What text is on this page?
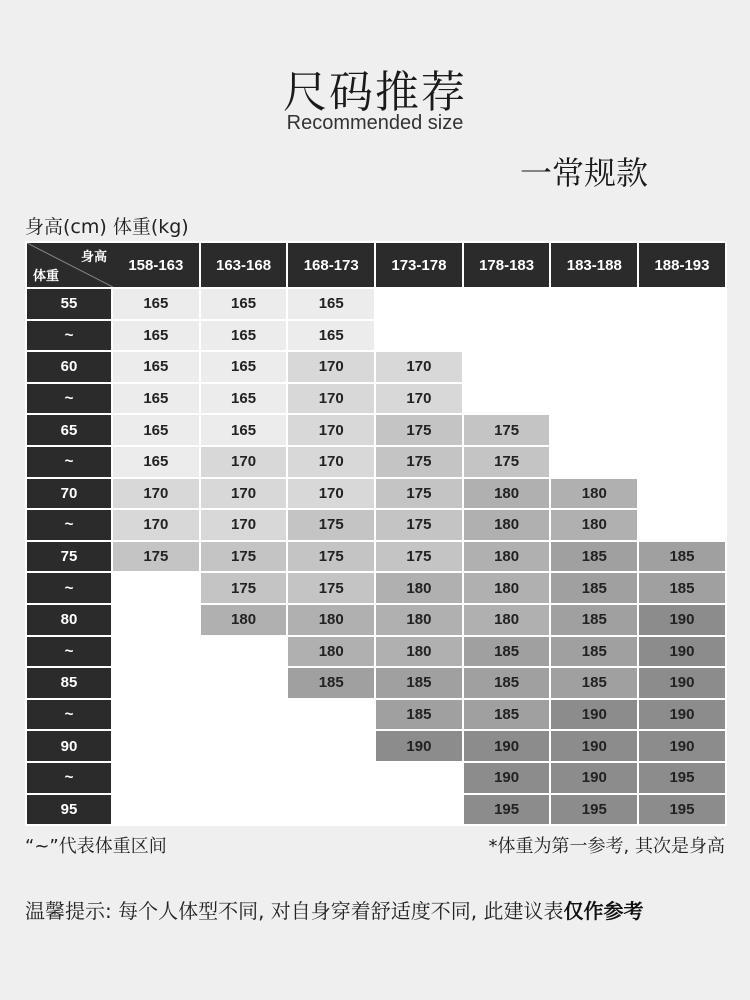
尺码推荐
Recommended size
一常规款
身高(cm) 体重(kg)
身高
体重	158-163	163-168	168-173	173-178	178-183	183-188	188-193
55	165	165	165				
~	165	165	165				
60	165	165	170	170			
~	165	165	170	170			
65	165	165	170	175	175		
~	165	170	170	175	175		
70	170	170	170	175	180	180	
~	170	170	175	175	180	180	
75	175	175	175	175	180	185	185
~		175	175	180	180	185	185
80		180	180	180	180	185	190
~			180	180	185	185	190
85			185	185	185	185	190
~				185	185	190	190
90				190	190	190	190
~					190	190	195
95					195	195	195
“~”代表体重区间	*体重为第一参考, 其次是身高
温馨提示: 每个人体型不同, 对自身穿着舒适度不同, 此建议表仅作参考
